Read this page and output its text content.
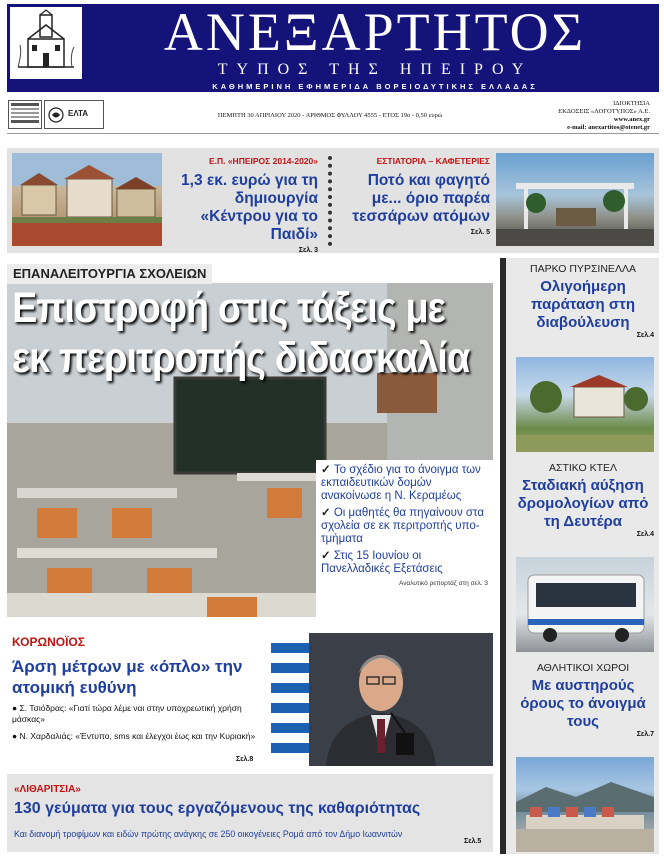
ΑΝΕΞΑΡΤΗΤΟΣ
ΤΥΠΟΣ ΤΗΣ ΗΠΕΙΡΟΥ
ΚΑΘΗΜΕΡΙΝΗ ΕΦΗΜΕΡΙΔΑ ΒΟΡΕΙΟΔΥΤΙΚΗΣ ΕΛΛΑΔΑΣ
ΕΛΤΑ	ΠΕΜΠΤΗ 30 ΑΠΡΙΛΙΟΥ 2020 - ΑΡΙΘΜΟΣ ΦΥΛΛΟΥ 4555 - ΕΤΟΣ 19ο - 0,50 ευρώ
ΙΔΙΟΚΤΗΣΙΑ
ΕΚΔΟΣΕΙΣ «ΛΟΓΟΤΥΠΟΣ» Α.Ε.
www.anex.gr
e-mail: anexartitos@otenet.gr
Ε.Π. «ΗΠΕΙΡΟΣ 2014-2020»
1,3 εκ. ευρώ για τη δημιουργία «Κέντρου για το Παιδί»
Σελ. 3
ΕΣΤΙΑΤΟΡΙΑ – ΚΑΦΕΤΕΡΙΕΣ
Ποτό και φαγητό με... όριο παρέα τεσσάρων ατόμων
Σελ. 5
ΕΠΑΝΑΛΕΙΤΟΥΡΓΙΑ ΣΧΟΛΕΙΩΝ
Επιστροφή στις τάξεις με
εκ περιτροπής διδασκαλία
✓ Το σχέδιο για το άνοιγμα των εκπαιδευτικών δομών ανακοίνωσε η Ν. Κεραμέως
✓ Οι μαθητές θα πηγαίνουν στα σχολεία σε εκ περιτροπής υπο-τμήματα
✓ Στις 15 Ιουνίου οι Πανελλαδικές Εξετάσεις
Αναλυτικό ρεπορτάζ στη σελ. 3
ΠΑΡΚΟ ΠΥΡΣΙΝΕΛΛΑ
Ολιγοήμερη παράταση στη διαβούλευση
Σελ.4
ΑΣΤΙΚΟ ΚΤΕΛ
Σταδιακή αύξηση δρομολογίων από τη Δευτέρα
Σελ.4
ΑΘΛΗΤΙΚΟΙ ΧΩΡΟΙ
Με αυστηρούς όρους το άνοιγμά τους
Σελ.7
ΚΟΡΩΝΟΪΟΣ
Άρση μέτρων με «όπλο» την ατομική ευθύνη
● Σ. Τσιόδρας: «Γιατί τώρα λέμε ναι στην υποχρεωτική χρήση μάσκας»
● Ν. Χαρδαλιάς: «Έντυπο, sms και έλεγχοι έως και την Κυριακή»
Σελ.8
«ΛΙΘΑΡΙΤΣΙΑ»
130 γεύματα για τους εργαζόμενους της καθαριότητας
Και διανομή τροφίμων και ειδών πρώτης ανάγκης σε 250 οικογένειες Ρομά από τον Δήμο Ιωαννιτών
Σελ.5
